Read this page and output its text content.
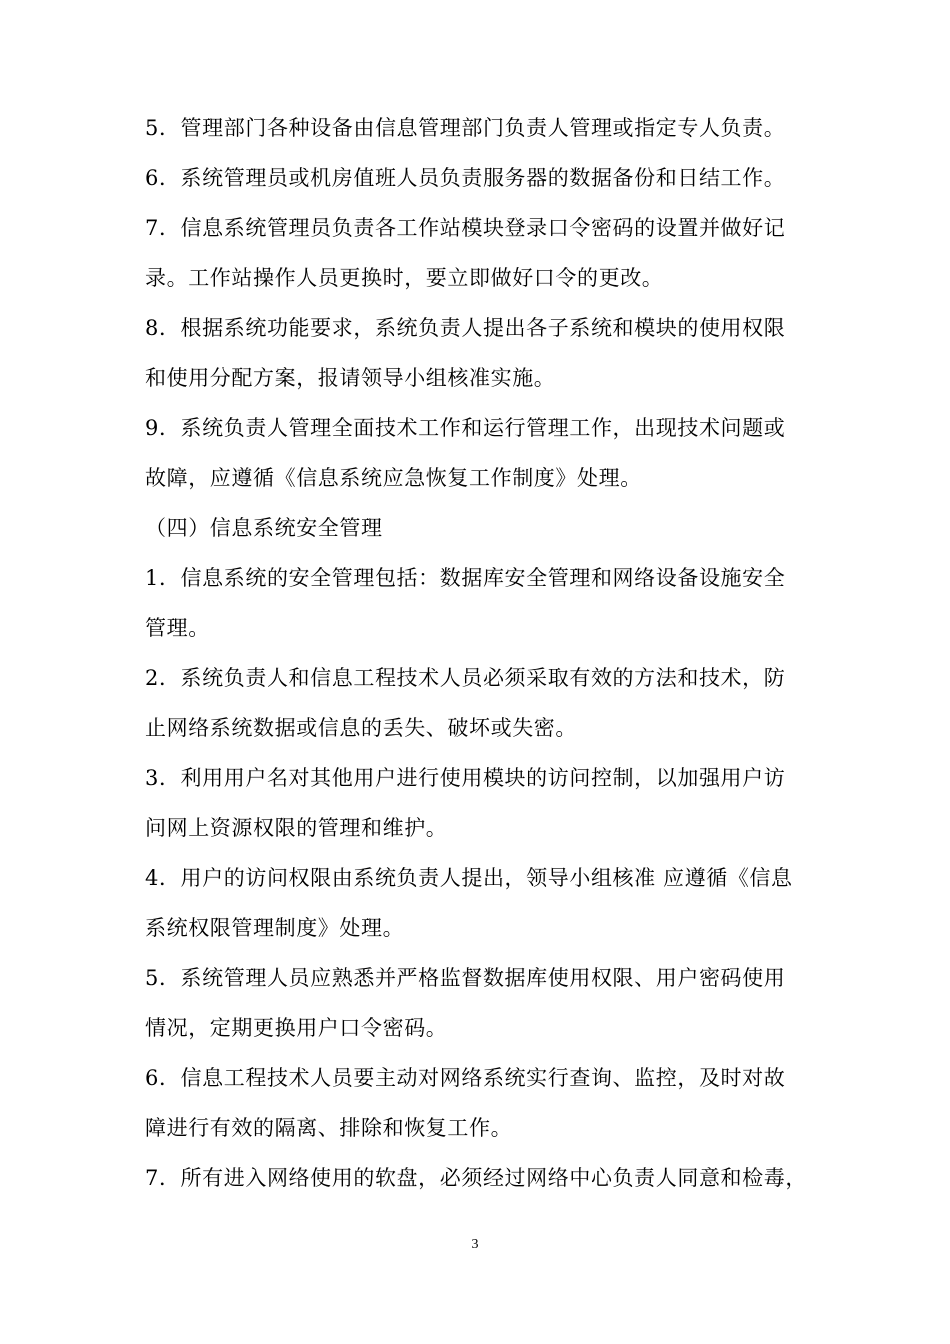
5．管理部门各种设备由信息管理部门负责人管理或指定专人负责。
6．系统管理员或机房值班人员负责服务器的数据备份和日结工作。
7．信息系统管理员负责各工作站模块登录口令密码的设置并做好记
录。工作站操作人员更换时，要立即做好口令的更改。
8．根据系统功能要求，系统负责人提出各子系统和模块的使用权限
和使用分配方案，报请领导小组核准实施。
9．系统负责人管理全面技术工作和运行管理工作，出现技术问题或
故障，应遵循《信息系统应急恢复工作制度》处理。
（四）信息系统安全管理
1．信息系统的安全管理包括：数据库安全管理和网络设备设施安全
管理。
2．系统负责人和信息工程技术人员必须采取有效的方法和技术，防
止网络系统数据或信息的丢失、破坏或失密。
3．利用用户名对其他用户进行使用模块的访问控制，以加强用户访
问网上资源权限的管理和维护。
4．用户的访问权限由系统负责人提出，领导小组核准 应遵循《信息
系统权限管理制度》处理。
5．系统管理人员应熟悉并严格监督数据库使用权限、用户密码使用
情况，定期更换用户口令密码。
6．信息工程技术人员要主动对网络系统实行查询、监控，及时对故
障进行有效的隔离、排除和恢复工作。
7．所有进入网络使用的软盘，必须经过网络中心负责人同意和检毒，
3
